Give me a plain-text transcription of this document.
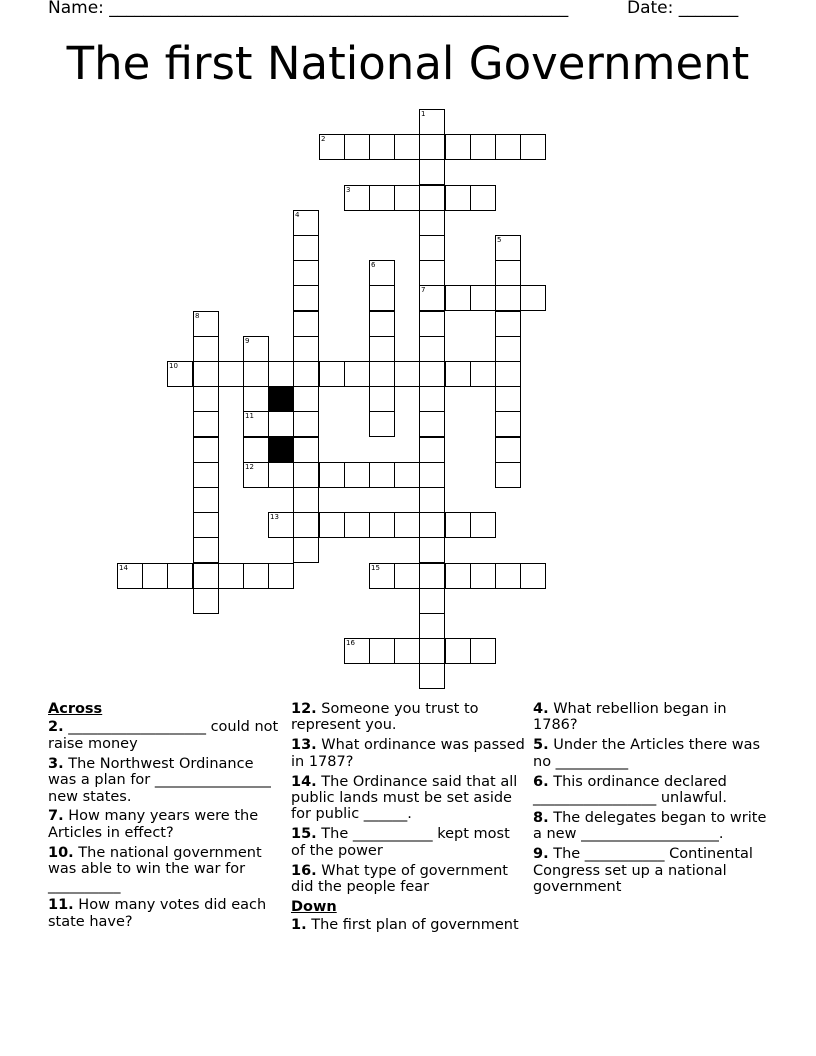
Name: ______________________________________________________	Date: _______
The first National Government
1
7
2
3
4
5
6
8
9
11
12
10
13
14	15
16
Across
2. ___________________ could not raise money
3. The Northwest Ordinance was a plan for ________________ new states.
7. How many years were the Articles in effect?
10. The national government was able to win the war for __________
11. How many votes did each state have?
12. Someone you trust to represent you.
13. What ordinance was passed in 1787?
14. The Ordinance said that all public lands must be set aside for public ______.
15. The ___________ kept most of the power
16. What type of government did the people fear
Down
1. The first plan of government
4. What rebellion began in 1786?
5. Under the Articles there was no __________
6. This ordinance declared _________________ unlawful.
8. The delegates began to write a new ___________________.
9. The ___________ Continental Congress set up a national government
